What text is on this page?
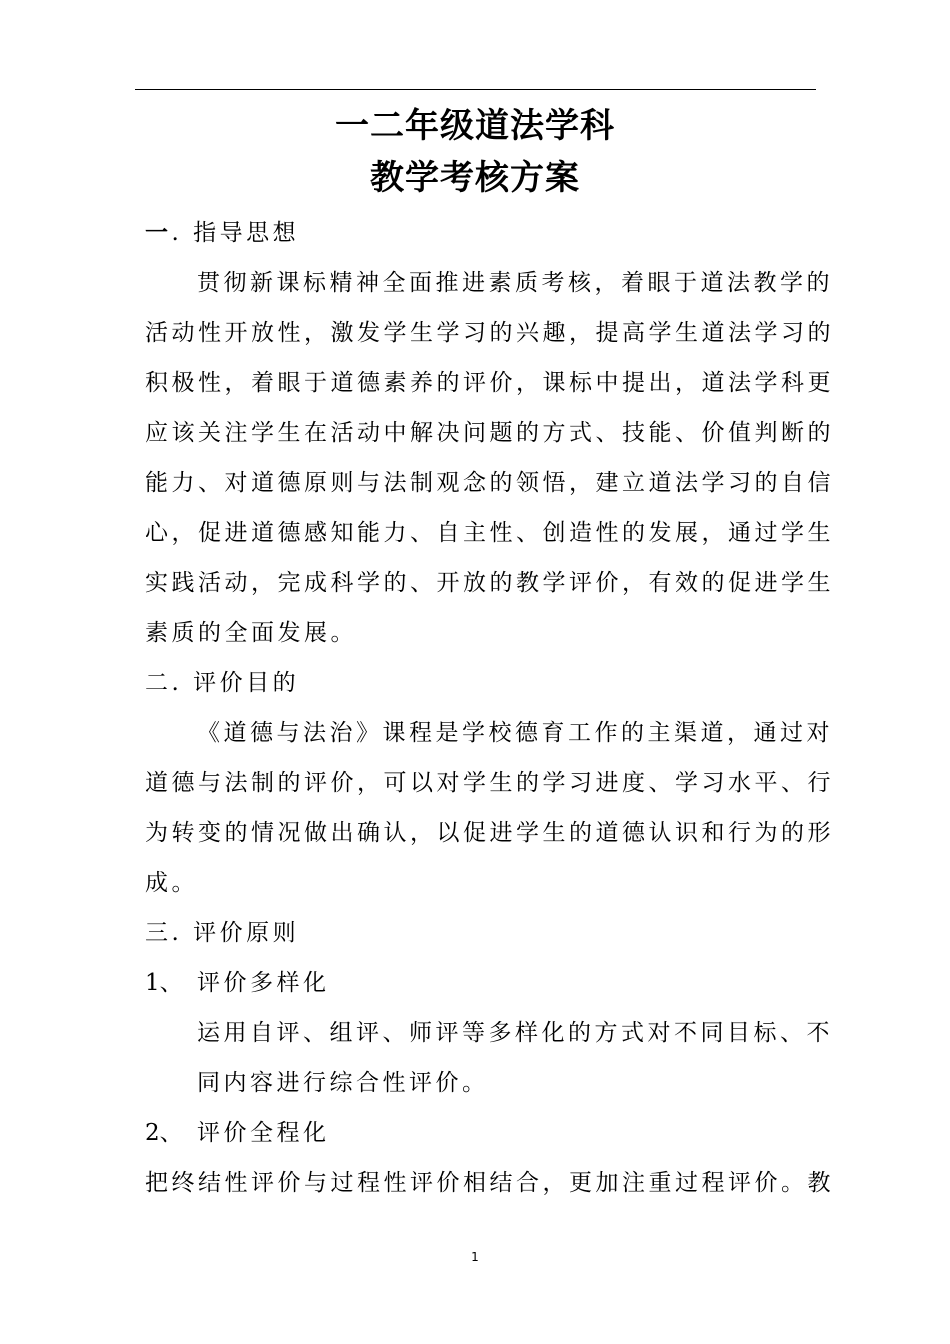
一二年级道法学科
教学考核方案
一. 指导思想
贯彻新课标精神全面推进素质考核，着眼于道法教学的
活动性开放性，激发学生学习的兴趣，提高学生道法学习的
积极性，着眼于道德素养的评价，课标中提出，道法学科更
应该关注学生在活动中解决问题的方式、技能、价值判断的
能力、对道德原则与法制观念的领悟，建立道法学习的自信
心，促进道德感知能力、自主性、创造性的发展，通过学生
实践活动，完成科学的、开放的教学评价，有效的促进学生
素质的全面发展。
二. 评价目的
《道德与法治》课程是学校德育工作的主渠道，通过对
道德与法制的评价，可以对学生的学习进度、学习水平、行
为转变的情况做出确认，以促进学生的道德认识和行为的形
成。
三. 评价原则
1、 评价多样化
运用自评、组评、师评等多样化的方式对不同目标、不
同内容进行综合性评价。
2、 评价全程化
把终结性评价与过程性评价相结合，更加注重过程评价。教
1
